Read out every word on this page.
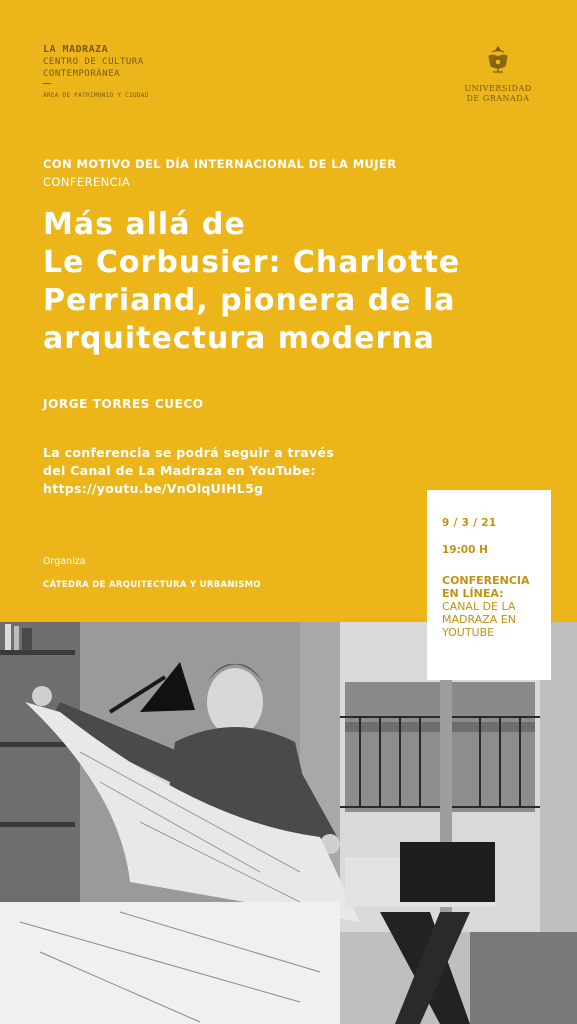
LA MADRAZA
CENTRO DE CULTURA
CONTEMPORÁNEA
ÁREA DE PATRIMONIO Y CIUDAD
UNIVERSIDAD
DE GRANADA
CON MOTIVO DEL DÍA INTERNACIONAL DE LA MUJER
CONFERENCIA
Más allá de
Le Corbusier: Charlotte
Perriand, pionera de la
arquitectura moderna
JORGE TORRES CUECO
La conferencia se podrá seguir a través
del Canal de La Madraza en YouTube:
https://youtu.be/VnOlqUIHL5g
Organiza
CÁTEDRA DE ARQUITECTURA Y URBANISMO
9 / 3 / 21
19:00 H
CONFERENCIA
EN LÍNEA:
CANAL DE LA
MADRAZA EN
YOUTUBE
